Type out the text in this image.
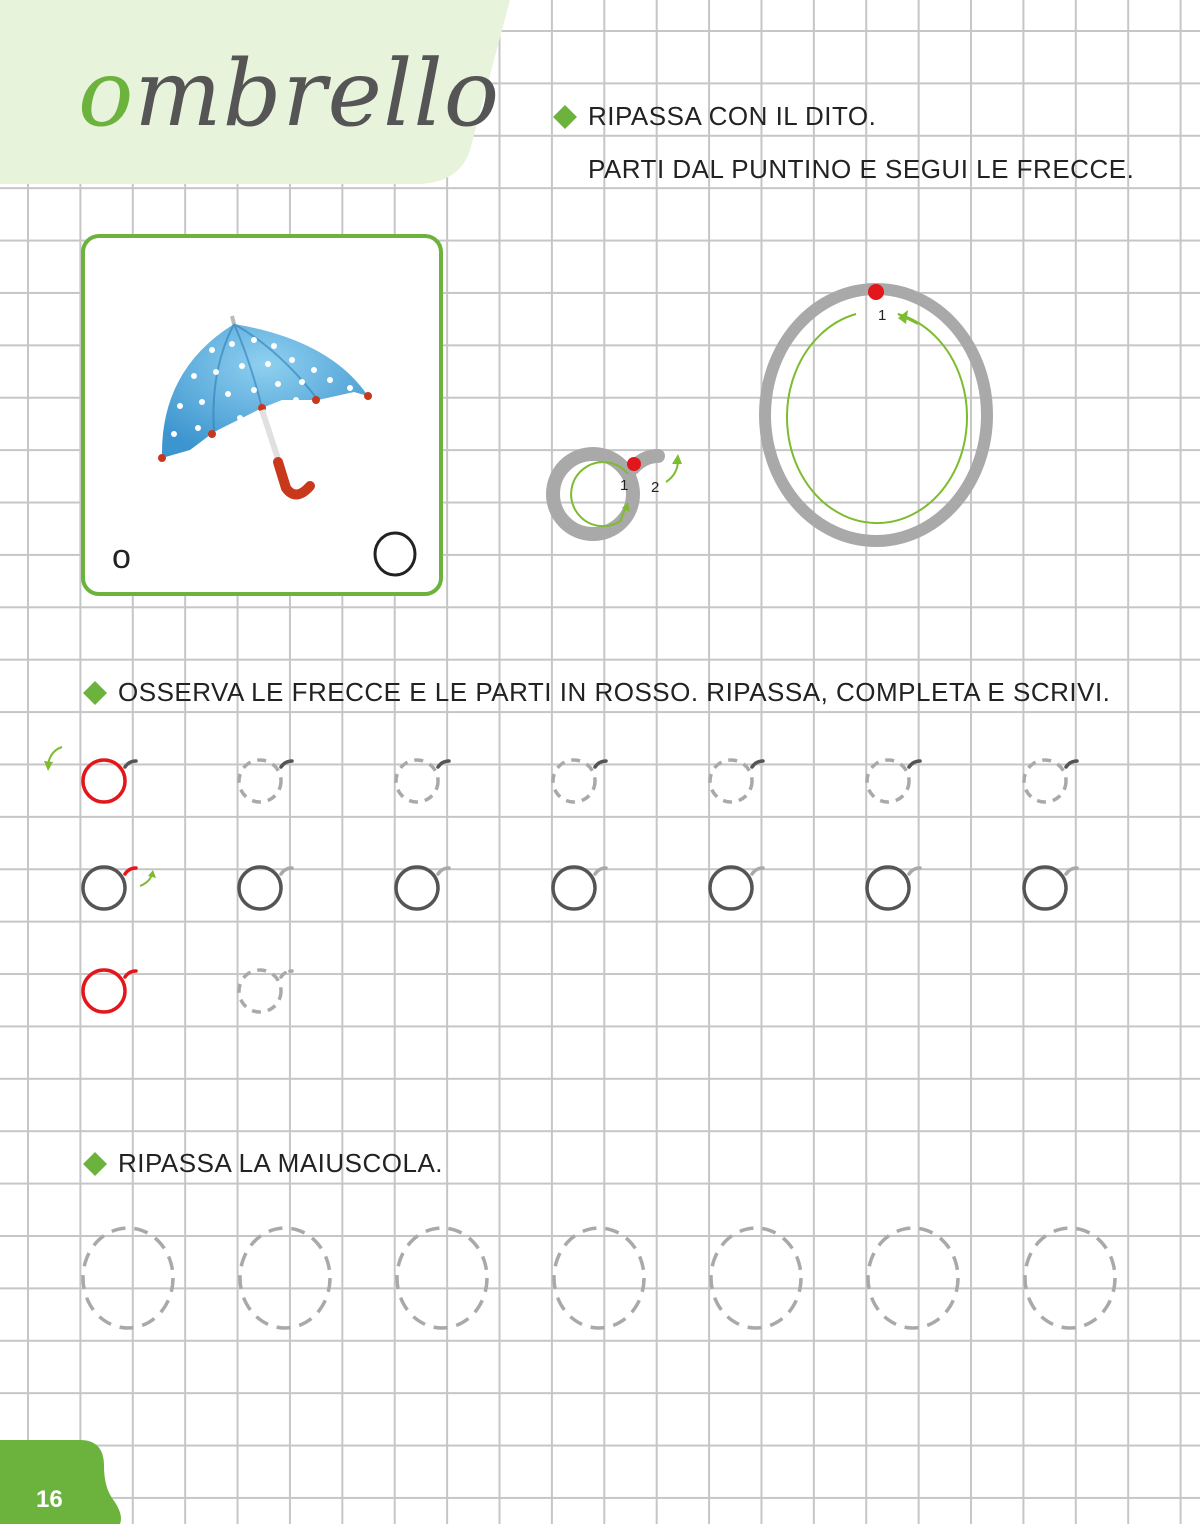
ombrello	RIPASSA CON IL DITO.
PARTI DAL PUNTINO E SEGUI LE FRECCE.
o
1 2
1
OSSERVA LE FRECCE E LE PARTI IN ROSSO. RIPASSA, COMPLETA E SCRIVI.
RIPASSA LA MAIUSCOLA.
16
